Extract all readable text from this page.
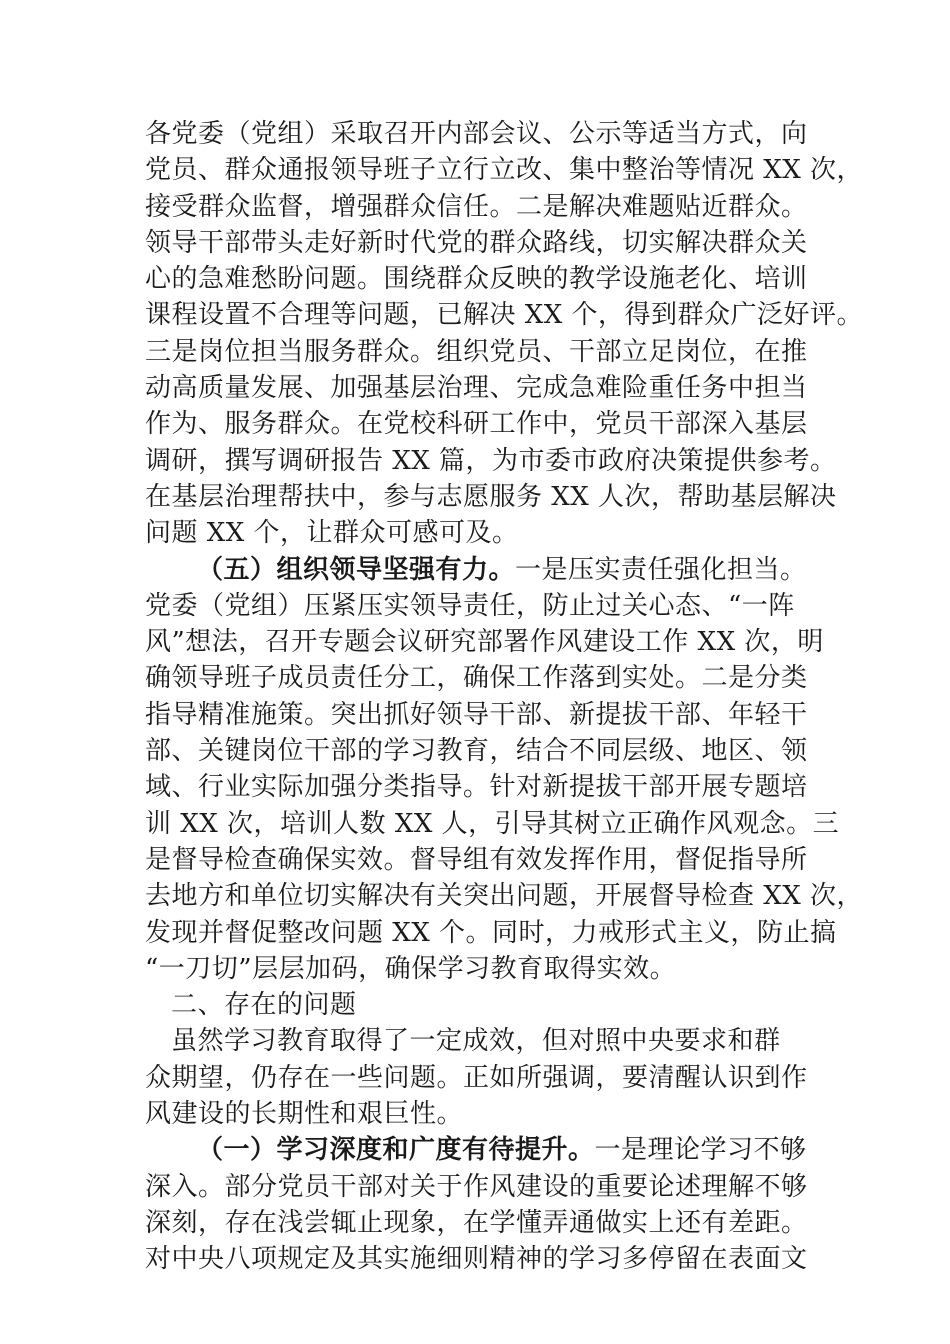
各党委（党组）采取召开内部会议、公示等适当方式，向
党员、群众通报领导班子立行立改、集中整治等情况 XX 次，
接受群众监督，增强群众信任。二是解决难题贴近群众。
领导干部带头走好新时代党的群众路线，切实解决群众关
心的急难愁盼问题。围绕群众反映的教学设施老化、培训
课程设置不合理等问题，已解决 XX 个，得到群众广泛好评。
三是岗位担当服务群众。组织党员、干部立足岗位，在推
动高质量发展、加强基层治理、完成急难险重任务中担当
作为、服务群众。在党校科研工作中，党员干部深入基层
调研，撰写调研报告 XX 篇，为市委市政府决策提供参考。
在基层治理帮扶中，参与志愿服务 XX 人次，帮助基层解决
问题 XX 个，让群众可感可及。
（五）组织领导坚强有力。一是压实责任强化担当。
党委（党组）压紧压实领导责任，防止过关心态、“一阵
风”想法，召开专题会议研究部署作风建设工作 XX 次，明
确领导班子成员责任分工，确保工作落到实处。二是分类
指导精准施策。突出抓好领导干部、新提拔干部、年轻干
部、关键岗位干部的学习教育，结合不同层级、地区、领
域、行业实际加强分类指导。针对新提拔干部开展专题培
训 XX 次，培训人数 XX 人，引导其树立正确作风观念。三
是督导检查确保实效。督导组有效发挥作用，督促指导所
去地方和单位切实解决有关突出问题，开展督导检查 XX 次，
发现并督促整改问题 XX 个。同时，力戒形式主义，防止搞
“一刀切”层层加码，确保学习教育取得实效。
二、存在的问题
虽然学习教育取得了一定成效，但对照中央要求和群
众期望，仍存在一些问题。正如所强调，要清醒认识到作
风建设的长期性和艰巨性。
（一）学习深度和广度有待提升。一是理论学习不够
深入。部分党员干部对关于作风建设的重要论述理解不够
深刻，存在浅尝辄止现象，在学懂弄通做实上还有差距。
对中央八项规定及其实施细则精神的学习多停留在表面文
